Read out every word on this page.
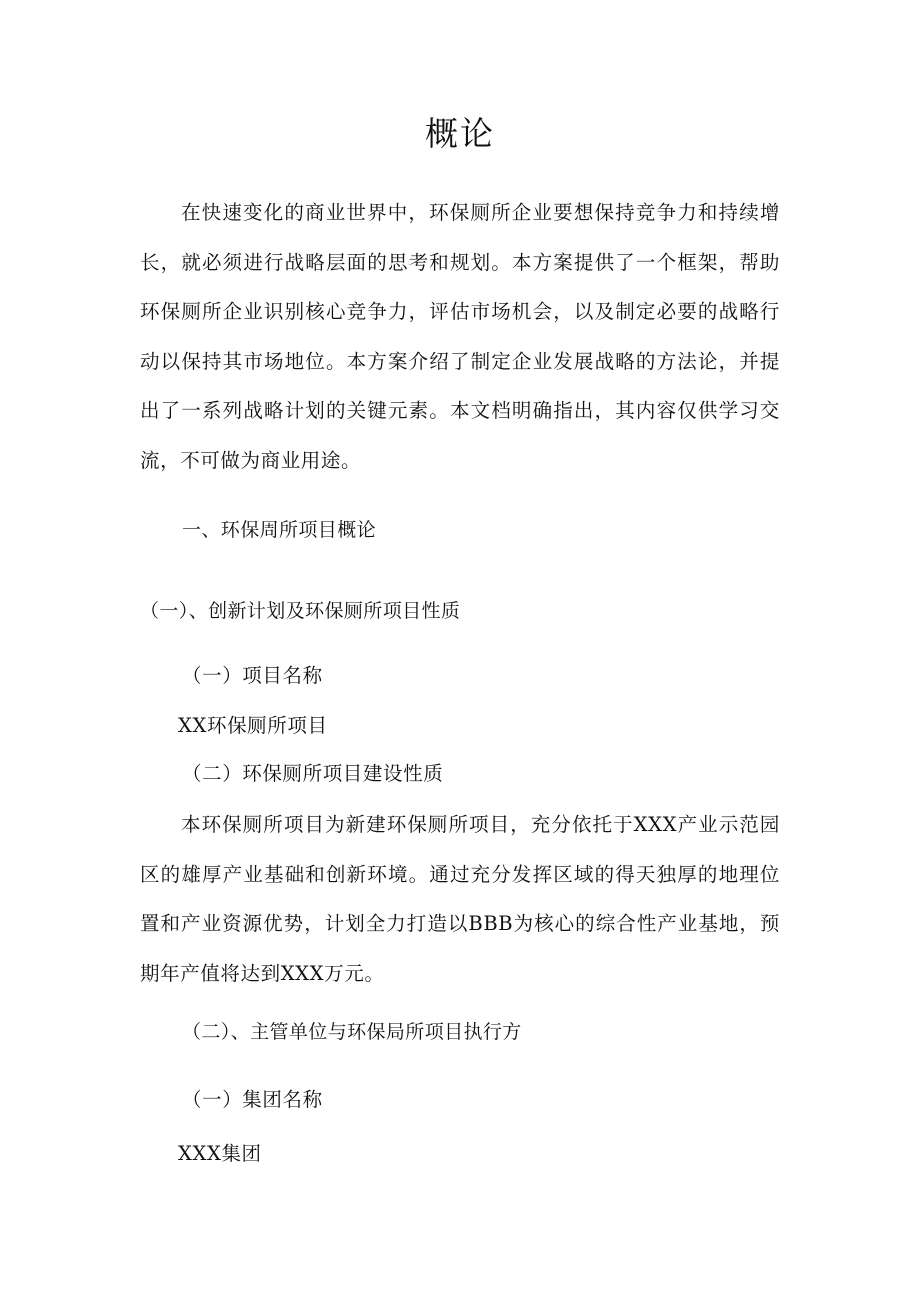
概论

在快速变化的商业世界中，环保厕所企业要想保持竞争力和持续增长，就必须进行战略层面的思考和规划。本方案提供了一个框架，帮助环保厕所企业识别核心竞争力，评估市场机会，以及制定必要的战略行动以保持其市场地位。本方案介绍了制定企业发展战略的方法论，并提出了一系列战略计划的关键元素。本文档明确指出，其内容仅供学习交流，不可做为商业用途。

一、环保周所项目概论

（一）、创新计划及环保厕所项目性质

（一）项目名称

XX环保厕所项目

（二）环保厕所项目建设性质

本环保厕所项目为新建环保厕所项目，充分依托于XXX产业示范园区的雄厚产业基础和创新环境。通过充分发挥区域的得天独厚的地理位置和产业资源优势，计划全力打造以BBB为核心的综合性产业基地，预期年产值将达到XXX万元。

（二）、主管单位与环保局所项目执行方

（一）集团名称

XXX集团
